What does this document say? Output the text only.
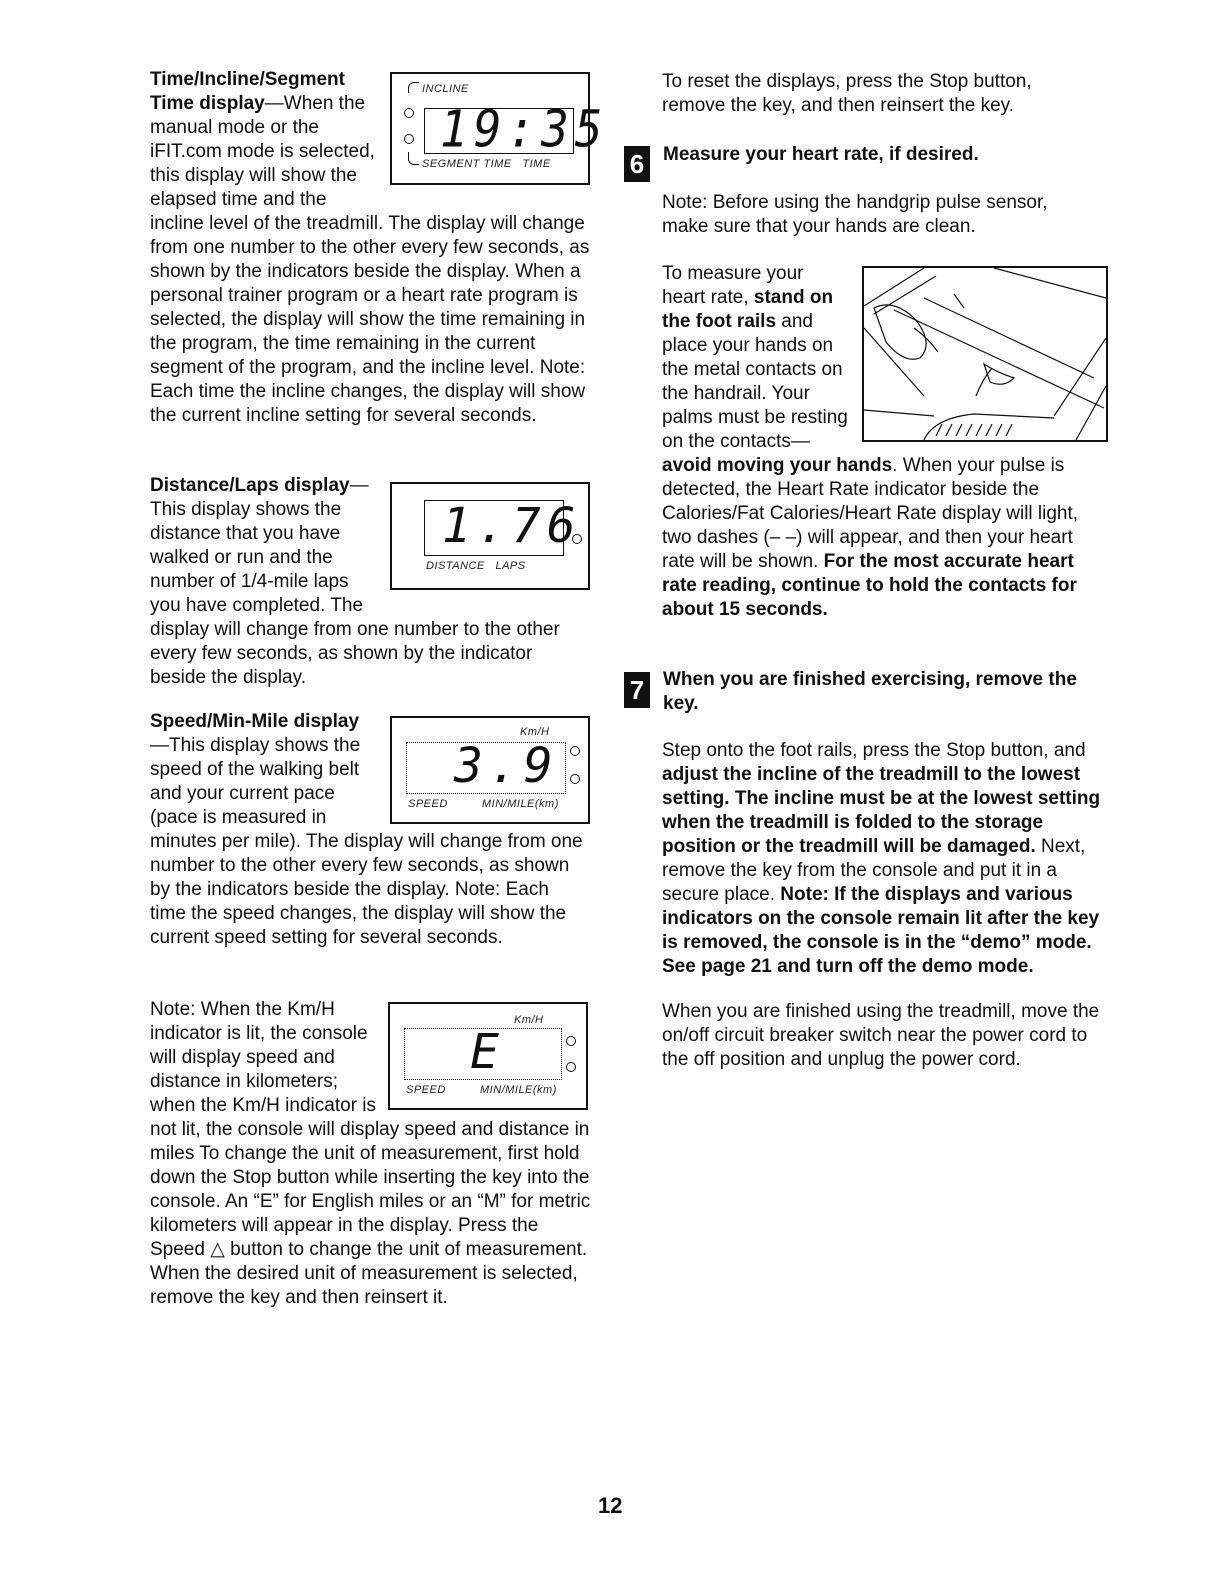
INCLINE
19:35
SEGMENT TIME   TIME

Time/Incline/Segment Time display—When the manual mode or the iFIT.com mode is selected, this display will show the elapsed time and the incline level of the treadmill. The display will change from one number to the other every few seconds, as shown by the indicators beside the display. When a personal trainer program or a heart rate program is selected, the display will show the time remaining in the program, the time remaining in the current segment of the program, and the incline level. Note: Each time the incline changes, the display will show the current incline setting for several seconds.

1.76
DISTANCE   LAPS

Distance/Laps display—This display shows the distance that you have walked or run and the number of 1/4-mile laps you have completed. The display will change from one number to the other every few seconds, as shown by the indicator beside the display.

Km/H
3.9
SPEED	MIN/MILE(km)

Speed/Min-Mile display—This display shows the speed of the walking belt and your current pace (pace is measured in minutes per mile). The display will change from one number to the other every few seconds, as shown by the indicators beside the display. Note: Each time the speed changes, the display will show the current speed setting for several seconds.

Km/H
E
SPEED	MIN/MILE(km)

Note: When the Km/H indicator is lit, the console will display speed and distance in kilometers; when the Km/H indicator is not lit, the console will display speed and distance in miles To change the unit of measurement, first hold down the Stop button while inserting the key into the console. An “E” for English miles or an “M” for metric kilometers will appear in the display. Press the Speed △ button to change the unit of measurement. When the desired unit of measurement is selected, remove the key and then reinsert it.

To reset the displays, press the Stop button, remove the key, and then reinsert the key.

6 Measure your heart rate, if desired.

Note: Before using the handgrip pulse sensor, make sure that your hands are clean.

To measure your heart rate, stand on the foot rails and place your hands on the metal contacts on the handrail. Your palms must be resting on the contacts—avoid moving your hands. When your pulse is detected, the Heart Rate indicator beside the Calories/Fat Calories/Heart Rate display will light, two dashes (– –) will appear, and then your heart rate will be shown. For the most accurate heart rate reading, continue to hold the contacts for about 15 seconds.

7 When you are finished exercising, remove the key.

Step onto the foot rails, press the Stop button, and adjust the incline of the treadmill to the lowest setting. The incline must be at the lowest setting when the treadmill is folded to the storage position or the treadmill will be damaged. Next, remove the key from the console and put it in a secure place. Note: If the displays and various indicators on the console remain lit after the key is removed, the console is in the “demo” mode. See page 21 and turn off the demo mode.

When you are finished using the treadmill, move the on/off circuit breaker switch near the power cord to the off position and unplug the power cord.

12
